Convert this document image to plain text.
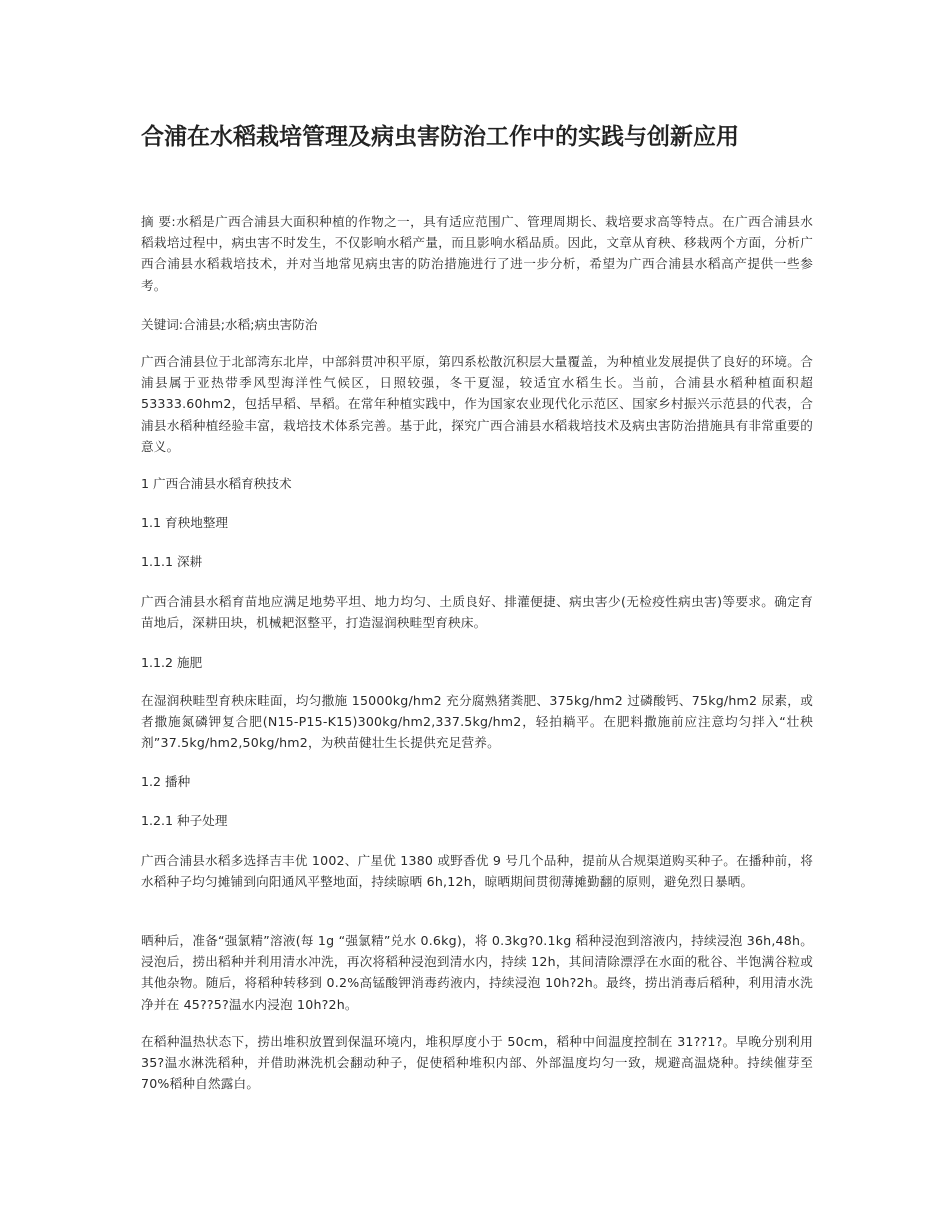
合浦在水稻栽培管理及病虫害防治工作中的实践与创新应用

摘 要:水稻是广西合浦县大面积种植的作物之一，具有适应范围广、管理周期长、栽培要求高等特点。在广西合浦县水稻栽培过程中，病虫害不时发生，不仅影响水稻产量，而且影响水稻品质。因此，文章从育秧、移栽两个方面，分析广西合浦县水稻栽培技术，并对当地常见病虫害的防治措施进行了进一步分析，希望为广西合浦县水稻高产提供一些参考。

关键词:合浦县;水稻;病虫害防治

广西合浦县位于北部湾东北岸，中部斜贯冲积平原，第四系松散沉积层大量覆盖，为种植业发展提供了良好的环境。合浦县属于亚热带季风型海洋性气候区，日照较强，冬干夏湿，较适宜水稻生长。当前，合浦县水稻种植面积超 53333.60hm2，包括早稻、旱稻。在常年种植实践中，作为国家农业现代化示范区、国家乡村振兴示范县的代表，合浦县水稻种植经验丰富，栽培技术体系完善。基于此，探究广西合浦县水稻栽培技术及病虫害防治措施具有非常重要的意义。

1 广西合浦县水稻育秧技术

1.1 育秧地整理

1.1.1 深耕

广西合浦县水稻育苗地应满足地势平坦、地力均匀、土质良好、排灌便捷、病虫害少(无检疫性病虫害)等要求。确定育苗地后，深耕田块，机械耙沤整平，打造湿润秧畦型育秧床。

1.1.2 施肥

在湿润秧畦型育秧床畦面，均匀撒施 15000kg/hm2 充分腐熟猪粪肥、375kg/hm2 过磷酸钙、75kg/hm2 尿素，或者撒施氮磷钾复合肥(N15-P15-K15)300kg/hm2,337.5kg/hm2，轻拍耥平。在肥料撒施前应注意均匀拌入“壮秧剂”37.5kg/hm2,50kg/hm2，为秧苗健壮生长提供充足营养。

1.2 播种

1.2.1 种子处理

广西合浦县水稻多选择吉丰优 1002、广星优 1380 或野香优 9 号几个品种，提前从合规渠道购买种子。在播种前，将水稻种子均匀摊铺到向阳通风平整地面，持续晾晒 6h,12h，晾晒期间贯彻薄摊勤翻的原则，避免烈日暴晒。

晒种后，准备“强氯精”溶液(每 1g “强氯精”兑水 0.6kg)，将 0.3kg?0.1kg 稻种浸泡到溶液内，持续浸泡 36h,48h。浸泡后，捞出稻种并利用清水冲洗，再次将稻种浸泡到清水内，持续 12h，其间清除漂浮在水面的秕谷、半饱满谷粒或其他杂物。随后，将稻种转移到 0.2%高锰酸钾消毒药液内，持续浸泡 10h?2h。最终，捞出消毒后稻种，利用清水洗净并在 45??5?温水内浸泡 10h?2h。

在稻种温热状态下，捞出堆积放置到保温环境内，堆积厚度小于 50cm，稻种中间温度控制在 31??1?。早晚分别利用 35?温水淋洗稻种，并借助淋洗机会翻动种子，促使稻种堆积内部、外部温度均匀一致，规避高温烧种。持续催芽至 70%稻种自然露白。
